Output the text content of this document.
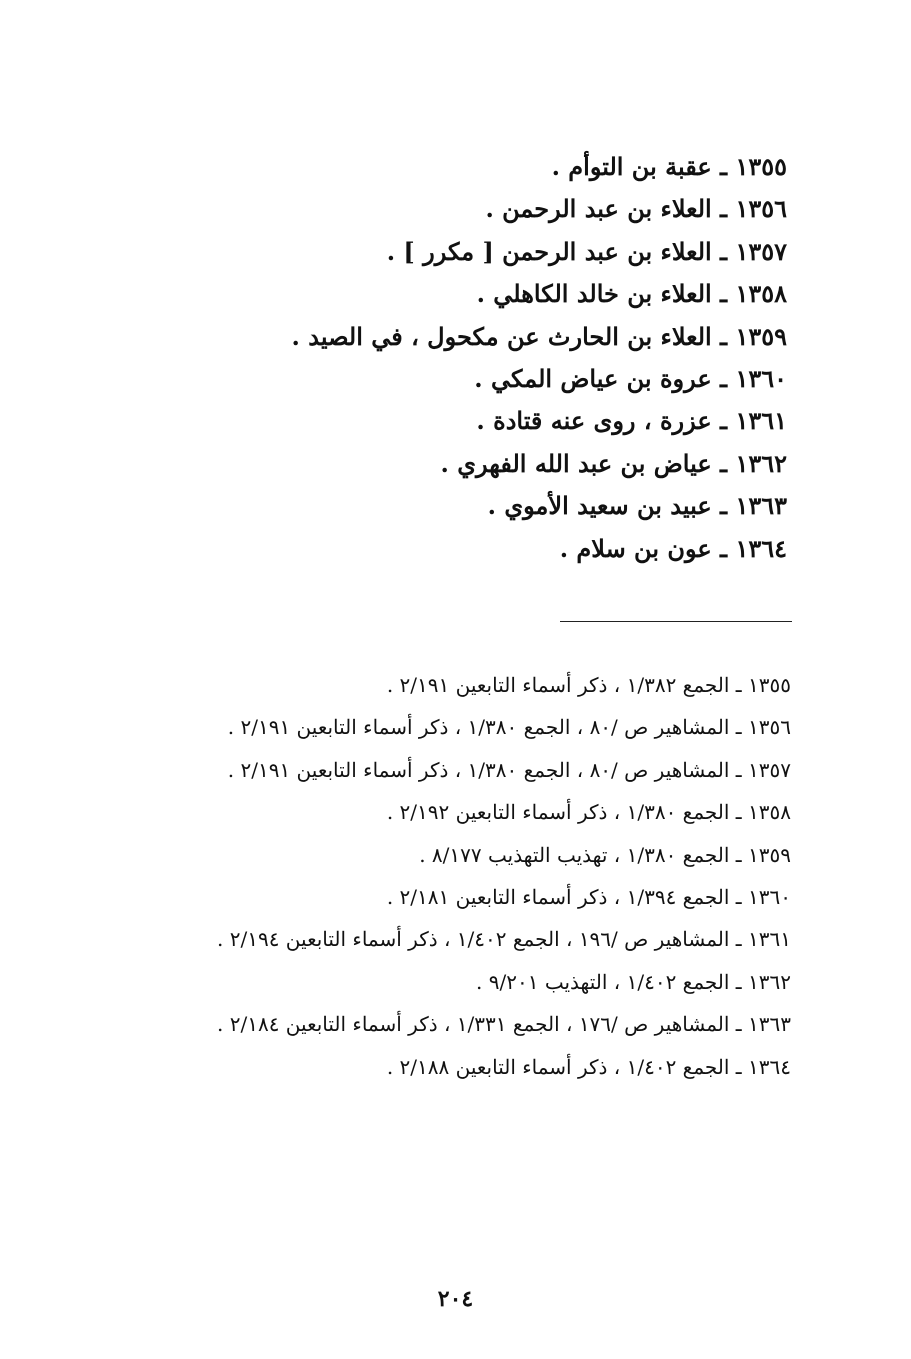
١٣٥٥ ـ عقبة بن التوأم .
١٣٥٦ ـ العلاء بن عبد الرحمن .
١٣٥٧ ـ العلاء بن عبد الرحمن [ مكرر ] .
١٣٥٨ ـ العلاء بن خالد الكاهلي .
١٣٥٩ ـ العلاء بن الحارث عن مكحول ، في الصيد .
١٣٦٠ ـ عروة بن عياض المكي .
١٣٦١ ـ عزرة ، روى عنه قتادة .
١٣٦٢ ـ عياض بن عبد الله الفهري .
١٣٦٣ ـ عبيد بن سعيد الأموي .
١٣٦٤ ـ عون بن سلام .
١٣٥٥ ـ الجمع ١/٣٨٢ ، ذكر أسماء التابعين ٢/١٩١ .
١٣٥٦ ـ المشاهير ص /٨٠ ، الجمع ١/٣٨٠ ، ذكر أسماء التابعين ٢/١٩١ .
١٣٥٧ ـ المشاهير ص /٨٠ ، الجمع ١/٣٨٠ ، ذكر أسماء التابعين ٢/١٩١ .
١٣٥٨ ـ الجمع ١/٣٨٠ ، ذكر أسماء التابعين ٢/١٩٢ .
١٣٥٩ ـ الجمع ١/٣٨٠ ، تهذيب التهذيب ٨/١٧٧ .
١٣٦٠ ـ الجمع ١/٣٩٤ ، ذكر أسماء التابعين ٢/١٨١ .
١٣٦١ ـ المشاهير ص /١٩٦ ، الجمع ١/٤٠٢ ، ذكر أسماء التابعين ٢/١٩٤ .
١٣٦٢ ـ الجمع ١/٤٠٢ ، التهذيب ٩/٢٠١ .
١٣٦٣ ـ المشاهير ص /١٧٦ ، الجمع ١/٣٣١ ، ذكر أسماء التابعين ٢/١٨٤ .
١٣٦٤ ـ الجمع ١/٤٠٢ ، ذكر أسماء التابعين ٢/١٨٨ .
٢٠٤
